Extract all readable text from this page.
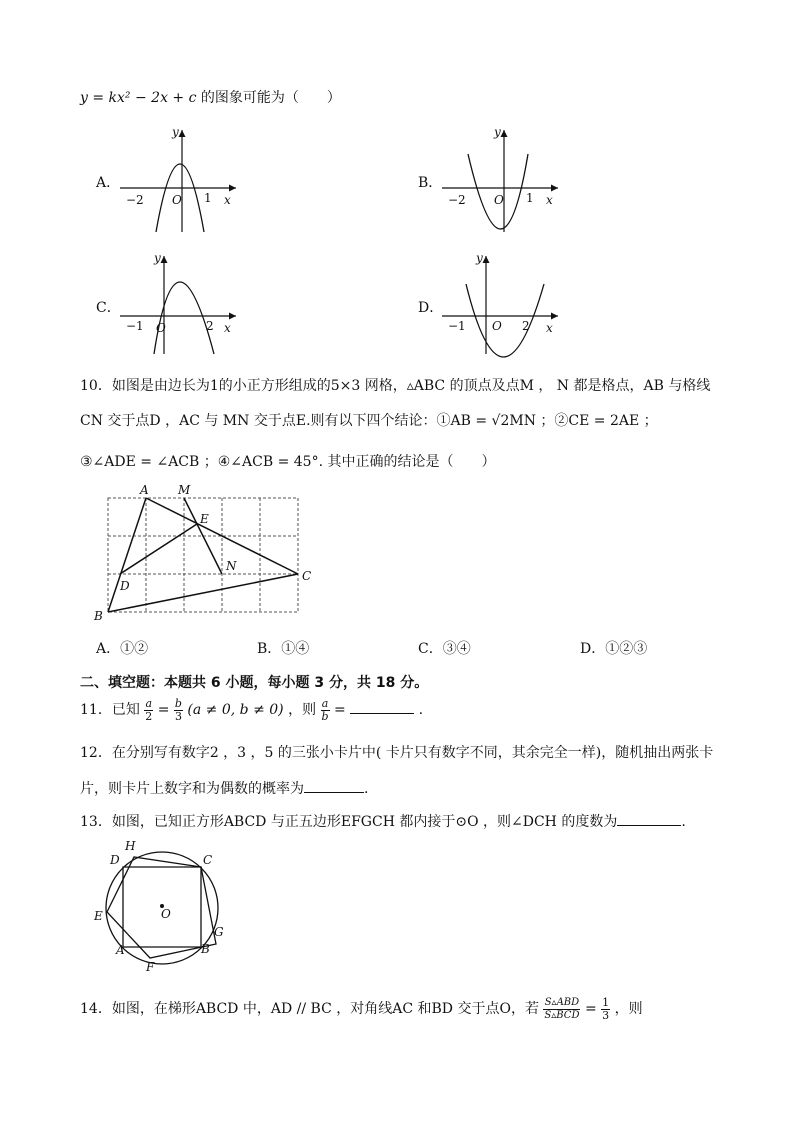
y = kx² − 2x + c 的图象可能为（　　）
A．	B．
C．	D．
y
x
−2 O 1
y
x
−2 O 1
y
x
−1 O	2
y
x
−1 O 2
10．如图是由边长为1的小正方形组成的5×3 网格，▵ABC 的顶点及点M ， N 都是格点，AB 与格线
CN 交于点D ，AC 与 MN 交于点E.则有以下四个结论：①AB = √2MN ；②CE = 2AE ；
③∠ADE = ∠ACB ；④∠ACB = 45°. 其中正确的结论是（　　）
A M
E
N
C
D
B
A．①②	B．①④	C．③④	D．①②③
二、填空题：本题共 6 小题，每小题 3 分，共 18 分。
11．已知 $\frac{a}{2} = \frac{b}{3} (a \ne 0$, b ≠ 0) ，则 $\frac{a}{b}$ =	.
12．在分别写有数字2 ，3 ，5 的三张小卡片中( 卡片只有数字不同，其余完全一样)，随机抽出两张卡
片，则卡片上数字和为偶数的概率为	.
13．如图，已知正方形ABCD 与正五边形EFGCH 都内接于⊙O ，则∠DCH 的度数为	.
H
D	C
E	O
G
A	B
F
14．如图，在梯形ABCD 中，AD // BC ，对角线AC 和BD 交于点O，若 $\frac{\text{S▵ABD}}{\text{S▵BCD}} = \frac{1}{3}$ ，则
